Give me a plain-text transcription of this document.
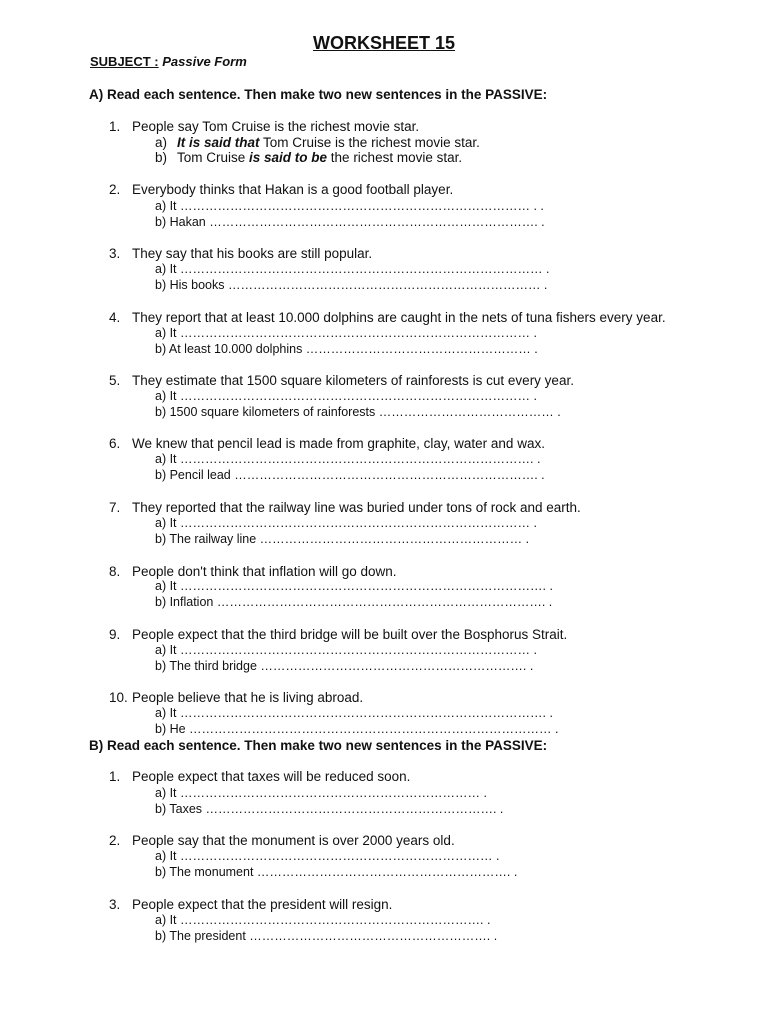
WORKSHEET 15
SUBJECT : Passive Form
A) Read each sentence. Then make two new sentences in the PASSIVE:
1. People say Tom Cruise is the richest movie star.
a) It is said that Tom Cruise is the richest movie star.
b) Tom Cruise is said to be the richest movie star.
2. Everybody thinks that Hakan is a good football player.
a) It ………………………………………………………………………… . .
b) Hakan ……………………………………………………………………. .
3. They say that his books are still popular.
a) It …………………………………………………………………………… .
b) His books ………………………………………………………………… .
4. They report that at least 10.000 dolphins are caught in the nets of tuna fishers every year.
a) It ………………………………………………………………………… .
b) At least 10.000 dolphins ……………………………………………… .
5. They estimate that 1500 square kilometers of rainforests is cut every year.
a) It ………………………………………………………………………… .
b) 1500 square kilometers of rainforests …………………………………… .
6. We knew that pencil lead is made from graphite, clay, water and wax.
a) It …………………………………………………………………………. .
b) Pencil lead ………………………………………………………………. .
7. They reported that the railway line was buried under tons of rock and earth.
a) It ………………………………………………………………………… .
b) The railway line ……………………………………………………… .
8. People don't think that inflation will go down.
a) It ……………………………………………………………………………. .
b) Inflation ……………………………………………………………………. .
9. People expect that the third bridge will be built over the Bosphorus Strait.
a) It ………………………………………………………………………… .
b) The third bridge ………………………………………………………. .
10. People believe that he is living abroad.
a) It ……………………………………………………………………………. .
b) He …………………………………………………………………………… .
B) Read each sentence. Then make two new sentences in the PASSIVE:
1. People expect that taxes will be reduced soon.
a) It ……………………………………………………………… .
b) Taxes ……………………………………………………………. .
2. People say that the monument is over 2000 years old.
a) It ………………………………………………………………… .
b) The monument ……………………………………………………. .
3. People expect that the president will resign.
a) It ………………………………………………………………. .
b) The president …………………………………………………. .
